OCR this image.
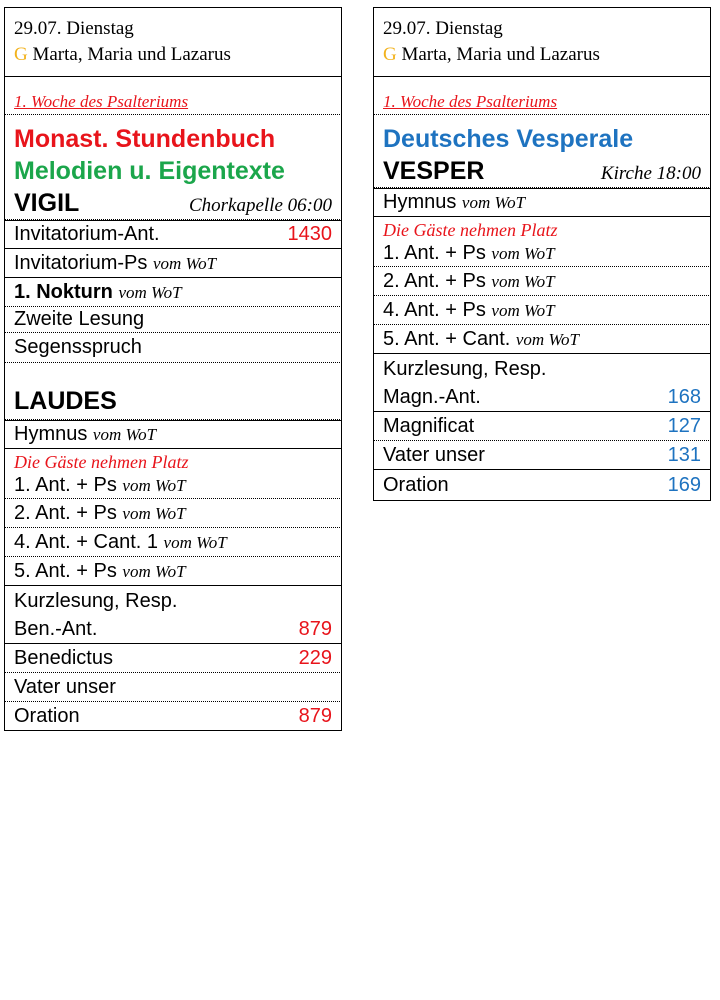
29.07. Dienstag
G Marta, Maria und Lazarus
1. Woche des Psalteriums
Monast. Stundenbuch
Melodien u. Eigentexte
VIGIL	Chorkapelle 06:00
Invitatorium-Ant.	1430
Invitatorium-Ps vom WoT
1. Nokturn vom WoT
Zweite Lesung
Segensspruch
LAUDES
Hymnus vom WoT
Die Gäste nehmen Platz
1. Ant. + Ps vom WoT
2. Ant. + Ps vom WoT
4. Ant. + Cant. 1 vom WoT
5. Ant. + Ps vom WoT
Kurzlesung, Resp.
Ben.-Ant.	879
Benedictus	229
Vater unser
Oration	879
29.07. Dienstag
G Marta, Maria und Lazarus
1. Woche des Psalteriums
Deutsches Vesperale
VESPER	Kirche 18:00
Hymnus vom WoT
Die Gäste nehmen Platz
1. Ant. + Ps vom WoT
2. Ant. + Ps vom WoT
4. Ant. + Ps vom WoT
5. Ant. + Cant. vom WoT
Kurzlesung, Resp.
Magn.-Ant.	168
Magnificat	127
Vater unser	131
Oration	169
